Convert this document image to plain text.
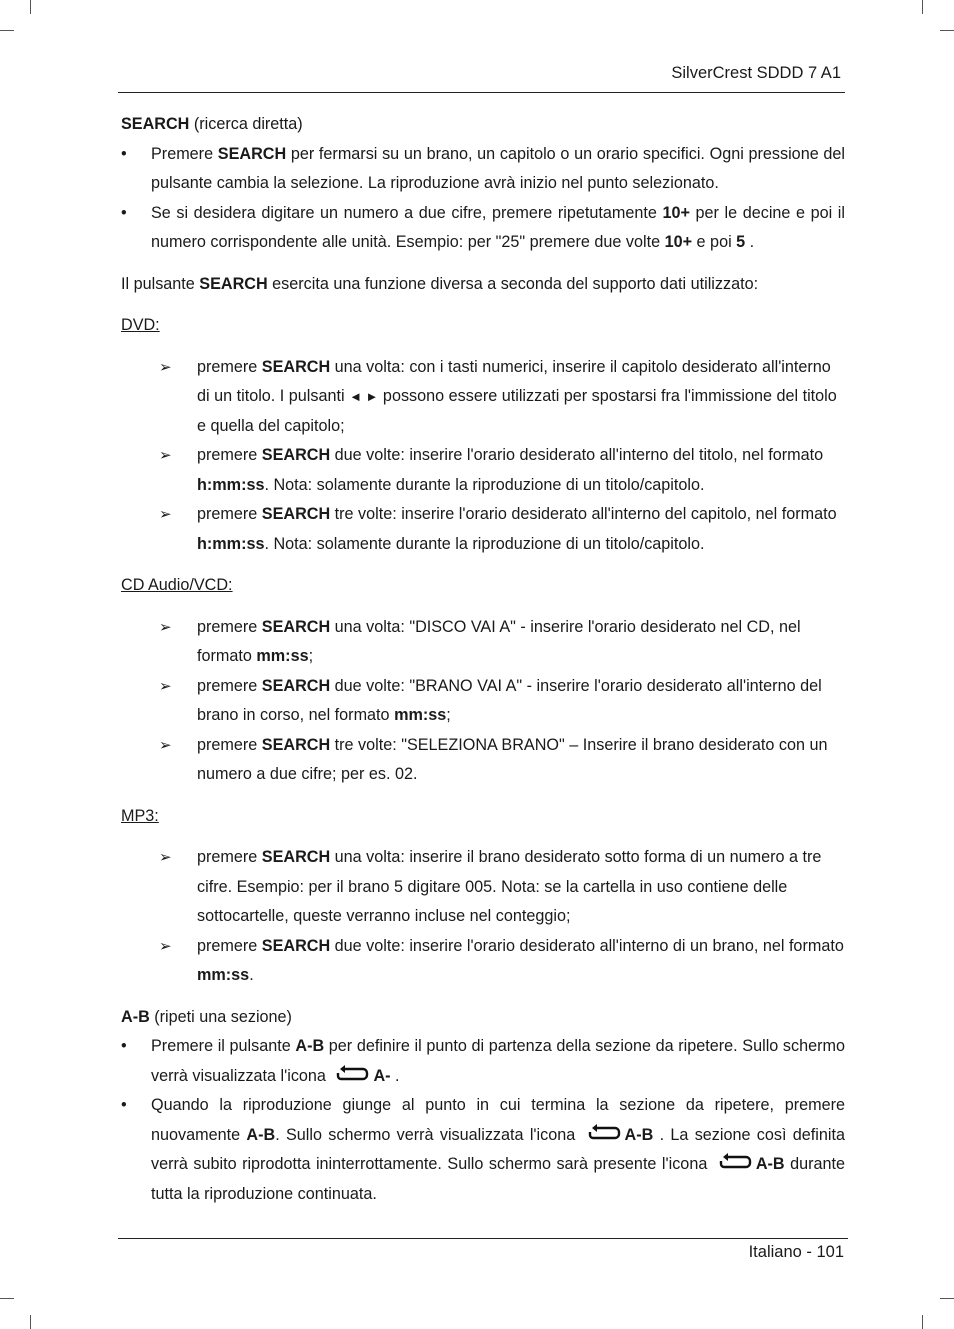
SilverCrest SDDD 7 A1

SEARCH (ricerca diretta)

• Premere SEARCH per fermarsi su un brano, un capitolo o un orario specifici. Ogni pressione del pulsante cambia la selezione. La riproduzione avrà inizio nel punto selezionato.
• Se si desidera digitare un numero a due cifre, premere ripetutamente 10+ per le decine e poi il numero corrispondente alle unità. Esempio: per "25" premere due volte 10+ e poi 5 .

Il pulsante SEARCH esercita una funzione diversa a seconda del supporto dati utilizzato:

DVD:

➢ premere SEARCH una volta: con i tasti numerici, inserire il capitolo desiderato all'interno di un titolo. I pulsanti ◄ ► possono essere utilizzati per spostarsi fra l'immissione del titolo e quella del capitolo;
➢ premere SEARCH due volte: inserire l'orario desiderato all'interno del titolo, nel formato h:mm:ss. Nota: solamente durante la riproduzione di un titolo/capitolo.
➢ premere SEARCH tre volte: inserire l'orario desiderato all'interno del capitolo, nel formato h:mm:ss. Nota: solamente durante la riproduzione di un titolo/capitolo.

CD Audio/VCD:

➢ premere SEARCH una volta: "DISCO VAI A" - inserire l'orario desiderato nel CD, nel formato mm:ss;
➢ premere SEARCH due volte: "BRANO VAI A" - inserire l'orario desiderato all'interno del brano in corso, nel formato mm:ss;
➢ premere SEARCH tre volte: "SELEZIONA BRANO" – Inserire il brano desiderato con un numero a due cifre; per es. 02.

MP3:

➢ premere SEARCH una volta: inserire il brano desiderato sotto forma di un numero a tre cifre. Esempio: per il brano 5 digitare 005. Nota: se la cartella in uso contiene delle sottocartelle, queste verranno incluse nel conteggio;
➢ premere SEARCH due volte: inserire l'orario desiderato all'interno di un brano, nel formato mm:ss.

A-B (ripeti una sezione)

• Premere il pulsante A-B per definire il punto di partenza della sezione da ripetere. Sullo schermo verrà visualizzata l'icona	A- .
• Quando la riproduzione giunge al punto in cui termina la sezione da ripetere, premere nuovamente A-B. Sullo schermo verrà visualizzata l'icona	A-B . La sezione così definita verrà subito riprodotta ininterrottamente. Sullo schermo sarà presente l'icona	A-B durante tutta la riproduzione continuata.
Italiano - 101
